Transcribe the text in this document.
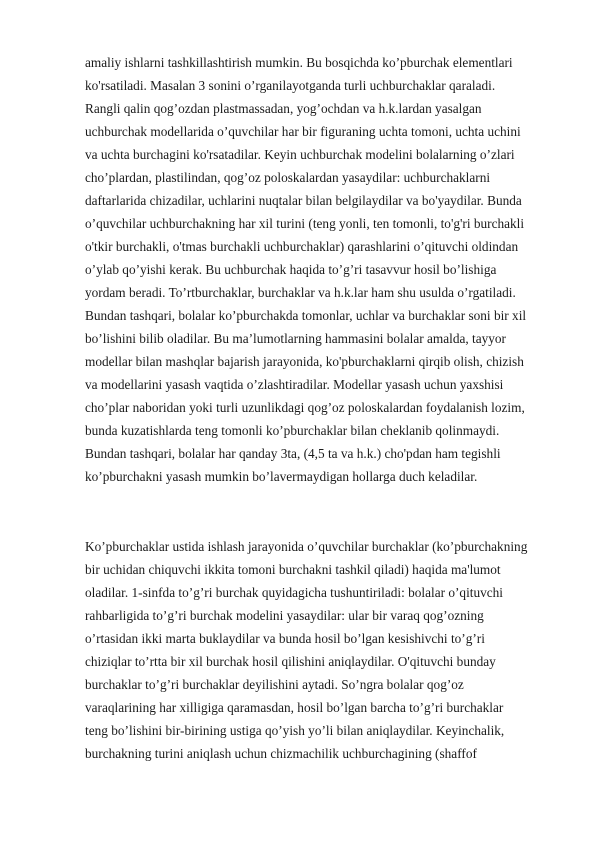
amaliy ishlarni tashkillashtirish mumkin. Bu bosqichda ko’pburchak elementlari
ko'rsatiladi. Masalan 3 sonini o’rganilayotganda turli uchburchaklar qaraladi.
Rangli qalin qog’ozdan plastmassadan, yog’ochdan va h.k.lardan yasalgan
uchburchak modellarida o’quvchilar har bir figuraning uchta tomoni, uchta uchini
va uchta burchagini ko'rsatadilar. Keyin uchburchak modelini bolalarning o’zlari
cho’plardan, plastilindan, qog’oz poloskalardan yasaydilar: uchburchaklarni
daftarlarida chizadilar, uchlarini nuqtalar bilan belgilaydilar va bo'yaydilar. Bunda
o’quvchilar uchburchakning har xil turini (teng yonli, ten tomonli, to'g'ri burchakli
o'tkir burchakli, o'tmas burchakli uchburchaklar) qarashlarini o’qituvchi oldindan
o’ylab qo’yishi kerak. Bu uchburchak haqida to’g’ri tasavvur hosil bo’lishiga
yordam beradi. To’rtburchaklar, burchaklar va h.k.lar ham shu usulda o’rgatiladi.
Bundan tashqari, bolalar ko’pburchakda tomonlar, uchlar va burchaklar soni bir xil
bo’lishini bilib oladilar. Bu ma’lumotlarning hammasini bolalar amalda, tayyor
modellar bilan mashqlar bajarish jarayonida, ko'pburchaklarni qirqib olish, chizish
va modellarini yasash vaqtida o’zlashtiradilar. Modellar yasash uchun yaxshisi
cho’plar naboridan yoki turli uzunlikdagi qog’oz poloskalardan foydalanish lozim,
bunda kuzatishlarda teng tomonli ko’pburchaklar bilan cheklanib qolinmaydi.
Bundan tashqari, bolalar har qanday 3ta, (4,5 ta va h.k.) cho'pdan ham tegishli
ko’pburchakni yasash mumkin bo’lavermaydigan hollarga duch keladilar.
Ko’pburchaklar ustida ishlash jarayonida o’quvchilar burchaklar (ko’pburchakning
bir uchidan chiquvchi ikkita tomoni burchakni tashkil qiladi) haqida ma'lumot
oladilar. 1-sinfda to’g’ri burchak quyidagicha tushuntiriladi: bolalar o’qituvchi
rahbarligida to’g’ri burchak modelini yasaydilar: ular bir varaq qog’ozning
o’rtasidan ikki marta buklaydilar va bunda hosil bo’lgan kesishivchi to’g’ri
chiziqlar to’rtta bir xil burchak hosil qilishini aniqlaydilar. O'qituvchi bunday
burchaklar to’g’ri burchaklar deyilishini aytadi. So’ngra bolalar qog’oz
varaqlarining har xilligiga qaramasdan, hosil bo’lgan barcha to’g’ri burchaklar
teng bo’lishini bir-birining ustiga qo’yish yo’li bilan aniqlaydilar. Keyinchalik,
burchakning turini aniqlash uchun chizmachilik uchburchagining (shaffof
